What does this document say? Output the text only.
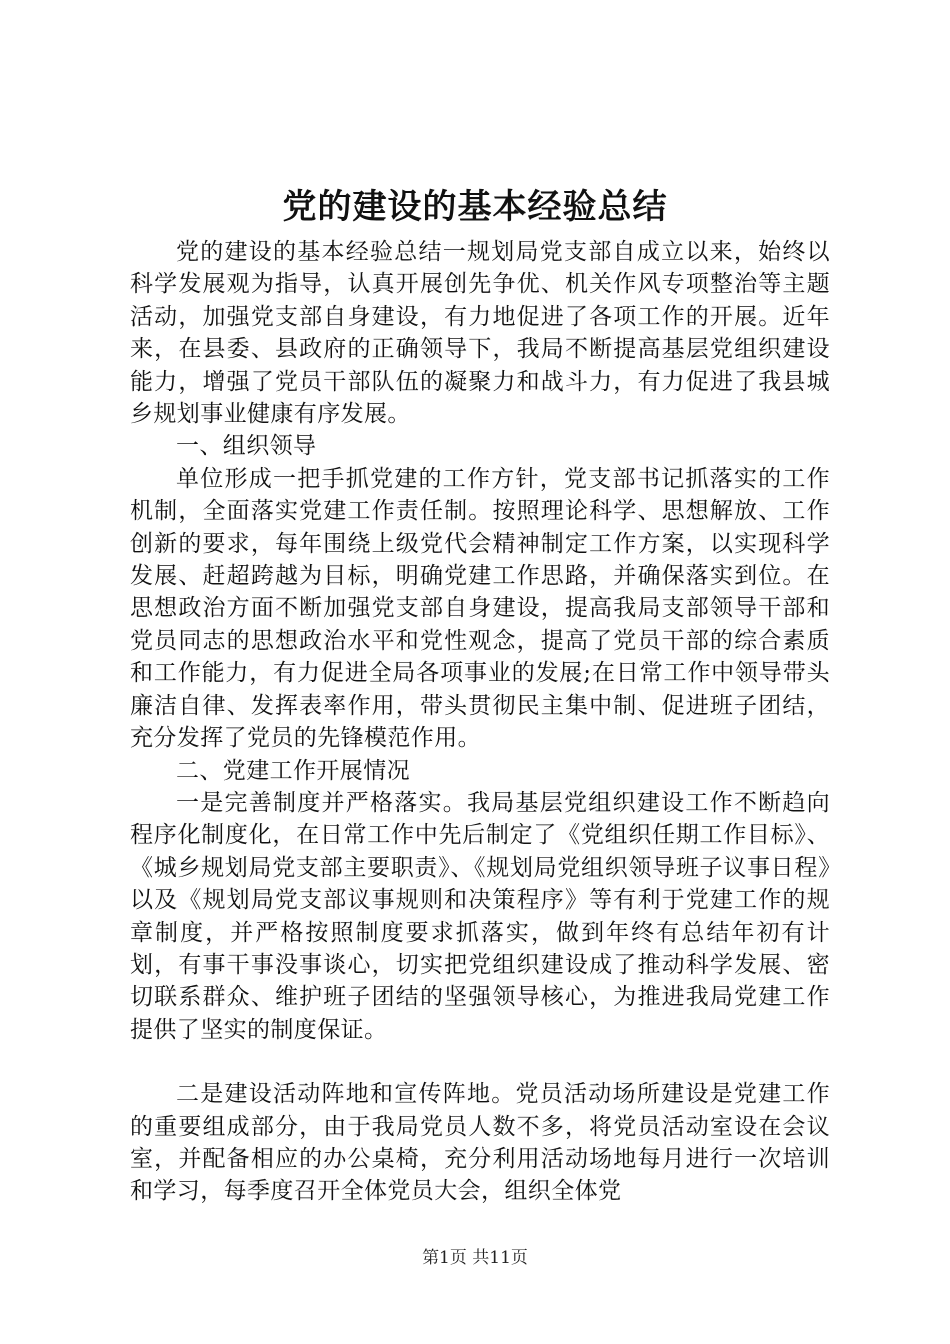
党的建设的基本经验总结

党的建设的基本经验总结一规划局党支部自成立以来，始终以科学发展观为指导，认真开展创先争优、机关作风专项整治等主题活动，加强党支部自身建设，有力地促进了各项工作的开展。近年来，在县委、县政府的正确领导下，我局不断提高基层党组织建设能力，增强了党员干部队伍的凝聚力和战斗力，有力促进了我县城乡规划事业健康有序发展。

一、组织领导

单位形成一把手抓党建的工作方针，党支部书记抓落实的工作机制，全面落实党建工作责任制。按照理论科学、思想解放、工作创新的要求，每年围绕上级党代会精神制定工作方案，以实现科学发展、赶超跨越为目标，明确党建工作思路，并确保落实到位。在思想政治方面不断加强党支部自身建设，提高我局支部领导干部和党员同志的思想政治水平和党性观念，提高了党员干部的综合素质和工作能力，有力促进全局各项事业的发展;在日常工作中领导带头廉洁自律、发挥表率作用，带头贯彻民主集中制、促进班子团结，充分发挥了党员的先锋模范作用。

二、党建工作开展情况

一是完善制度并严格落实。我局基层党组织建设工作不断趋向程序化制度化，在日常工作中先后制定了《党组织任期工作目标》、《城乡规划局党支部主要职责》、《规划局党组织领导班子议事日程》以及《规划局党支部议事规则和决策程序》等有利于党建工作的规章制度，并严格按照制度要求抓落实，做到年终有总结年初有计划，有事干事没事谈心，切实把党组织建设成了推动科学发展、密切联系群众、维护班子团结的坚强领导核心，为推进我局党建工作提供了坚实的制度保证。

二是建设活动阵地和宣传阵地。党员活动场所建设是党建工作的重要组成部分，由于我局党员人数不多，将党员活动室设在会议室，并配备相应的办公桌椅，充分利用活动场地每月进行一次培训和学习，每季度召开全体党员大会，组织全体党

第1页 共11页
